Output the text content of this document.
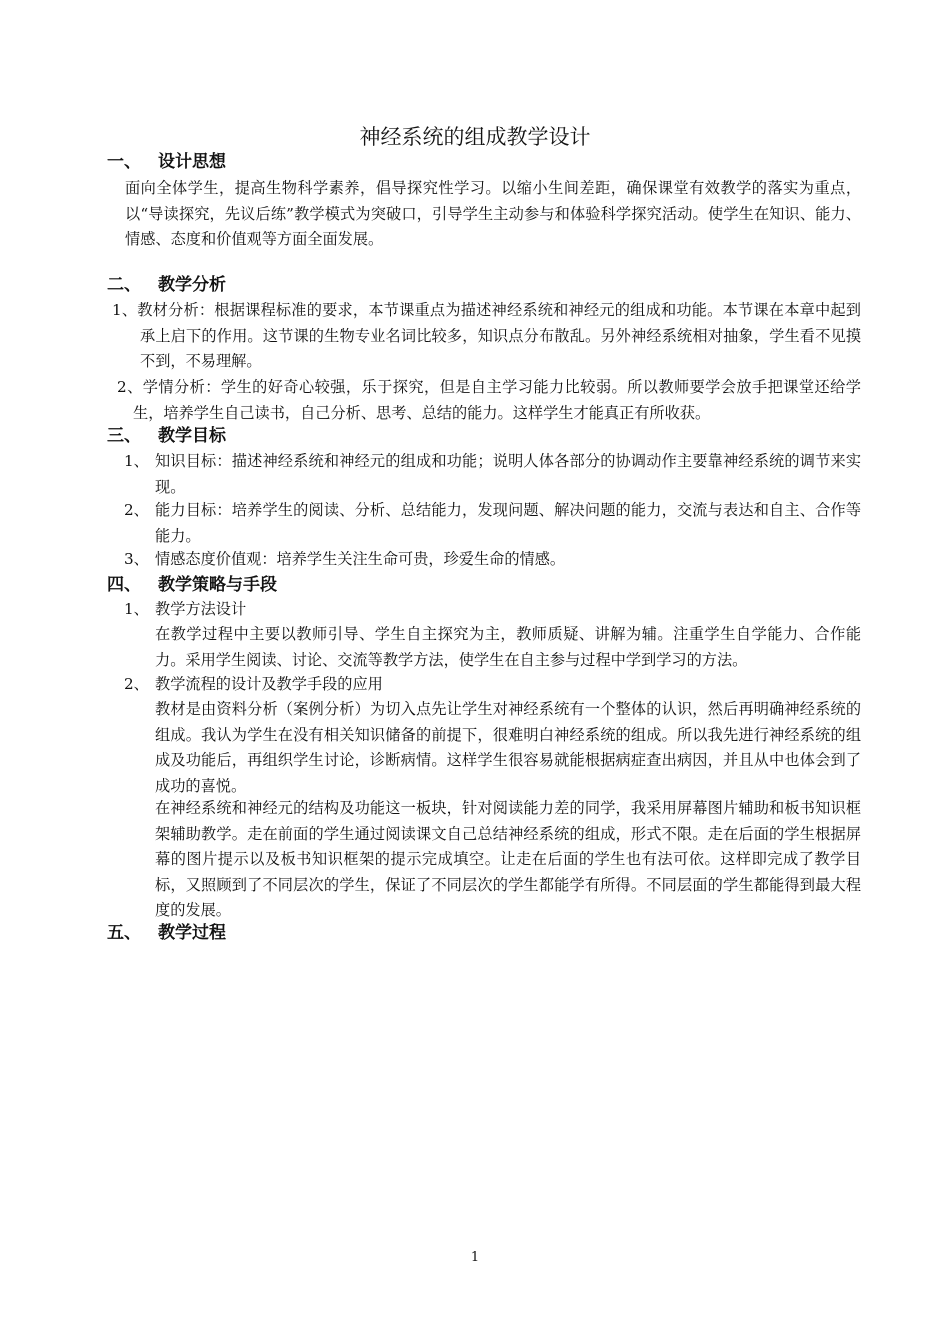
神经系统的组成教学设计
一、 设计思想
面向全体学生，提高生物科学素养，倡导探究性学习。以缩小生间差距，确保课堂有效教学的落实为重点，以“导读探究，先议后练”教学模式为突破口，引导学生主动参与和体验科学探究活动。使学生在知识、能力、情感、态度和价值观等方面全面发展。
二、 教学分析
1、教材分析：根据课程标准的要求，本节课重点为描述神经系统和神经元的组成和功能。本节课在本章中起到承上启下的作用。这节课的生物专业名词比较多，知识点分布散乱。另外神经系统相对抽象，学生看不见摸不到，不易理解。
2、学情分析：学生的好奇心较强，乐于探究，但是自主学习能力比较弱。所以教师要学会放手把课堂还给学生，培养学生自己读书，自己分析、思考、总结的能力。这样学生才能真正有所收获。
三、 教学目标
1、 知识目标：描述神经系统和神经元的组成和功能；说明人体各部分的协调动作主要靠神经系统的调节来实现。
2、 能力目标：培养学生的阅读、分析、总结能力，发现问题、解决问题的能力，交流与表达和自主、合作等能力。
3、 情感态度价值观：培养学生关注生命可贵，珍爱生命的情感。
四、 教学策略与手段
1、 教学方法设计
在教学过程中主要以教师引导、学生自主探究为主，教师质疑、讲解为辅。注重学生自学能力、合作能力。采用学生阅读、讨论、交流等教学方法，使学生在自主参与过程中学到学习的方法。
2、 教学流程的设计及教学手段的应用
教材是由资料分析（案例分析）为切入点先让学生对神经系统有一个整体的认识，然后再明确神经系统的组成。我认为学生在没有相关知识储备的前提下，很难明白神经系统的组成。所以我先进行神经系统的组成及功能后，再组织学生讨论，诊断病情。这样学生很容易就能根据病症查出病因，并且从中也体会到了成功的喜悦。
在神经系统和神经元的结构及功能这一板块，针对阅读能力差的同学，我采用屏幕图片辅助和板书知识框架辅助教学。走在前面的学生通过阅读课文自己总结神经系统的组成，形式不限。走在后面的学生根据屏幕的图片提示以及板书知识框架的提示完成填空。让走在后面的学生也有法可依。这样即完成了教学目标，又照顾到了不同层次的学生，保证了不同层次的学生都能学有所得。不同层面的学生都能得到最大程度的发展。
五、 教学过程
1
